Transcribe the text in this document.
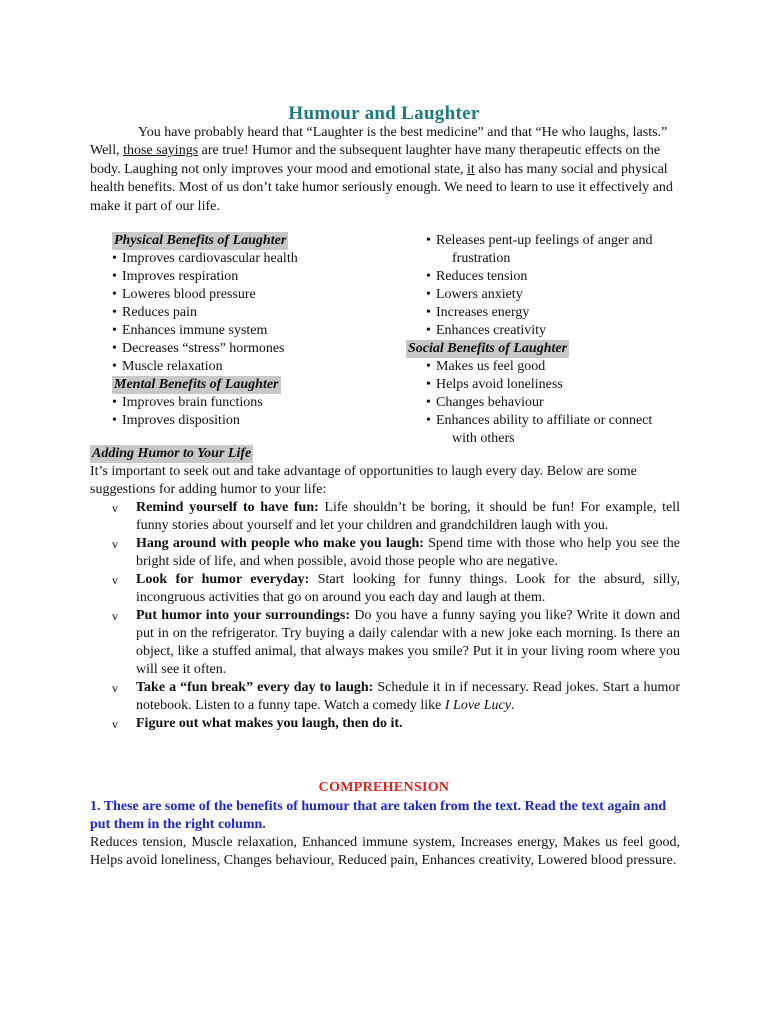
Humour and Laughter

You have probably heard that “Laughter is the best medicine” and that “He who laughs, lasts.” Well, those sayings are true! Humor and the subsequent laughter have many therapeutic effects on the body. Laughing not only improves your mood and emotional state, it also has many social and physical health benefits. Most of us don’t take humor seriously enough. We need to learn to use it effectively and make it part of our life.

Physical Benefits of Laughter
• Improves cardiovascular health
• Improves respiration
• Loweres blood pressure
• Reduces pain
• Enhances immune system
• Decreases “stress” hormones
• Muscle relaxation
Mental Benefits of Laughter
• Improves brain functions
• Improves disposition
• Releases pent-up feelings of anger and
frustration
• Reduces tension
• Lowers anxiety
• Increases energy
• Enhances creativity
Social Benefits of Laughter
• Makes us feel good
• Helps avoid loneliness
• Changes behaviour
• Enhances ability to affiliate or connect
with others
Adding Humor to Your Life

It’s important to seek out and take advantage of opportunities to laugh every day. Below are some suggestions for adding humor to your life:

v Remind yourself to have fun: Life shouldn’t be boring, it should be fun! For example, tell funny stories about yourself and let your children and grandchildren laugh with you.
v Hang around with people who make you laugh: Spend time with those who help you see the bright side of life, and when possible, avoid those people who are negative.
v Look for humor everyday: Start looking for funny things. Look for the absurd, silly, incongruous activities that go on around you each day and laugh at them.
v Put humor into your surroundings: Do you have a funny saying you like? Write it down and put in on the refrigerator. Try buying a daily calendar with a new joke each morning. Is there an object, like a stuffed animal, that always makes you smile? Put it in your living room where you will see it often.
v Take a “fun break” every day to laugh: Schedule it in if necessary. Read jokes. Start a humor notebook. Listen to a funny tape. Watch a comedy like I Love Lucy.
v Figure out what makes you laugh, then do it.
COMPREHENSION

1. These are some of the benefits of humour that are taken from the text. Read the text again and put them in the right column.

Reduces tension, Muscle relaxation, Enhanced immune system, Increases energy, Makes us feel good, Helps avoid loneliness, Changes behaviour, Reduced pain, Enhances creativity, Lowered blood pressure.
